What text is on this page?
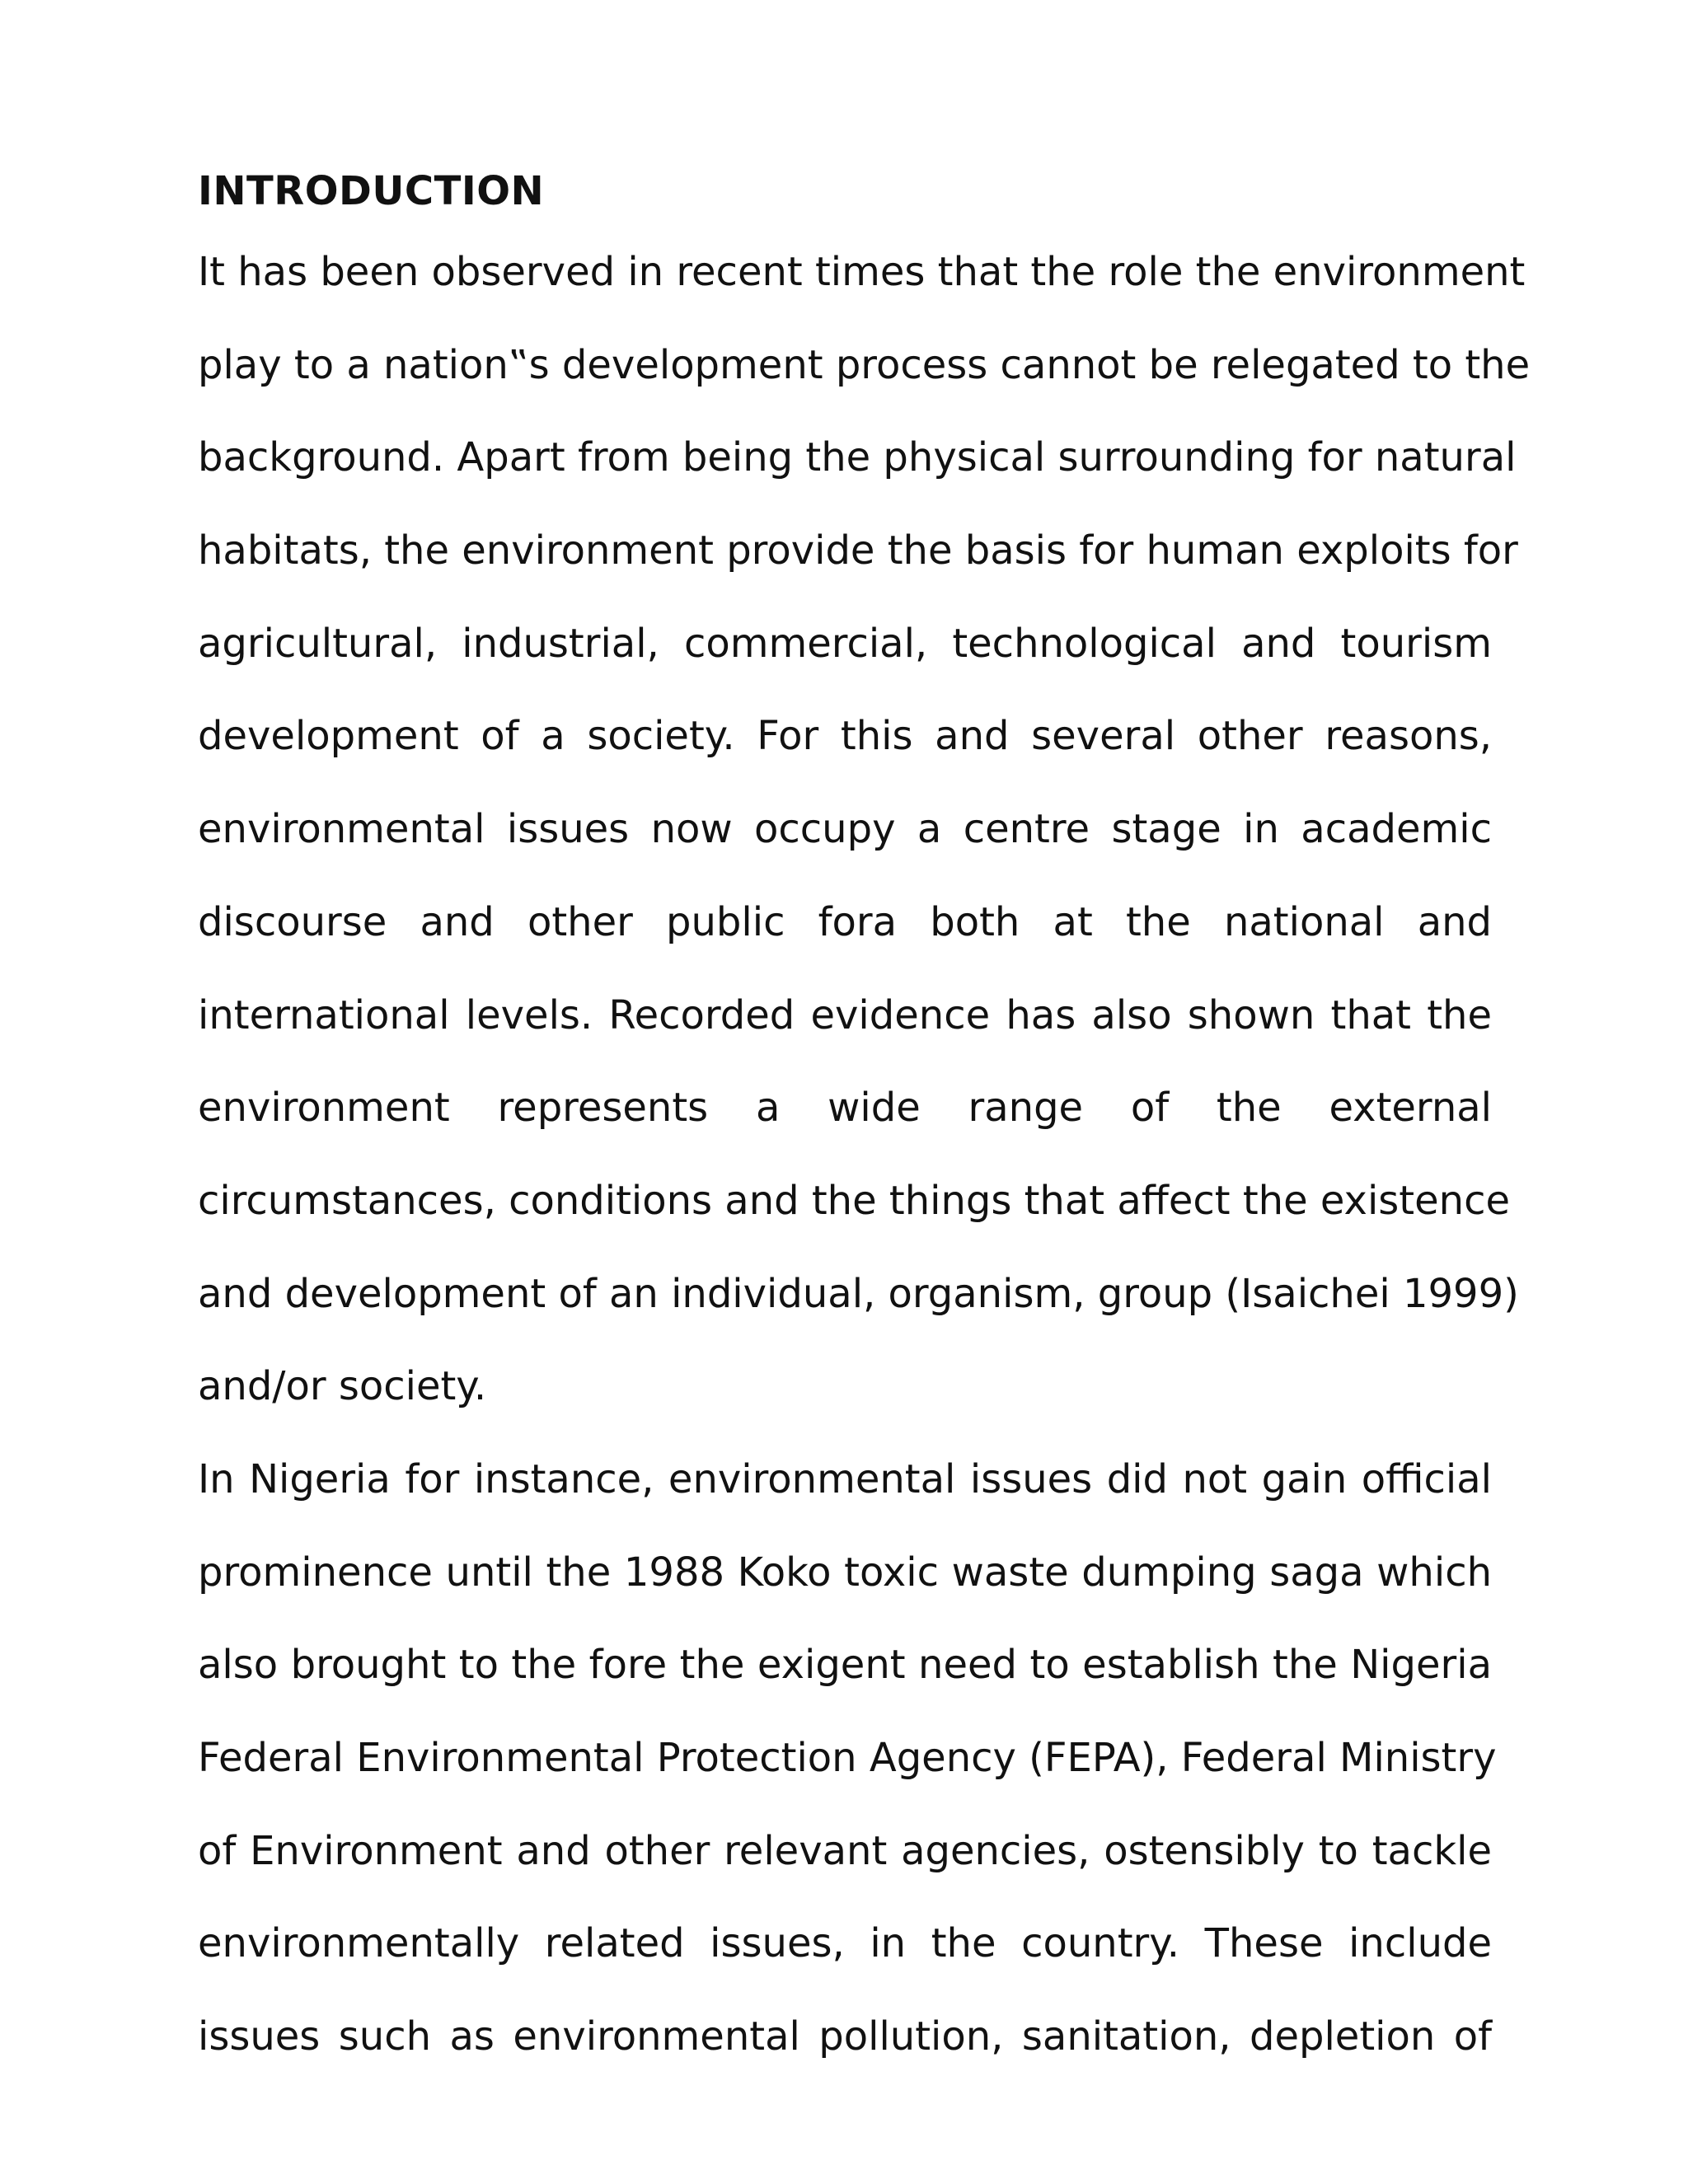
INTRODUCTION

It has been observed in recent times that the role the environment

play to a nation‟s development process cannot be relegated to the

background. Apart from being the physical surrounding for natural

habitats, the environment provide the basis for human exploits for

agricultural, industrial, commercial, technological and tourism

development of a society. For this and several other reasons,

environmental issues now occupy a centre stage in academic

discourse and other public fora both at the national and

international levels. Recorded evidence has also shown that the

environment represents a wide range of the external

circumstances, conditions and the things that affect the existence

and development of an individual, organism, group (Isaichei 1999)

and/or society.

In Nigeria for instance, environmental issues did not gain official

prominence until the 1988 Koko toxic waste dumping saga which

also brought to the fore the exigent need to establish the Nigeria

Federal Environmental Protection Agency (FEPA), Federal Ministry

of Environment and other relevant agencies, ostensibly to tackle

environmentally related issues, in the country. These include

issues such as environmental pollution, sanitation, depletion of
